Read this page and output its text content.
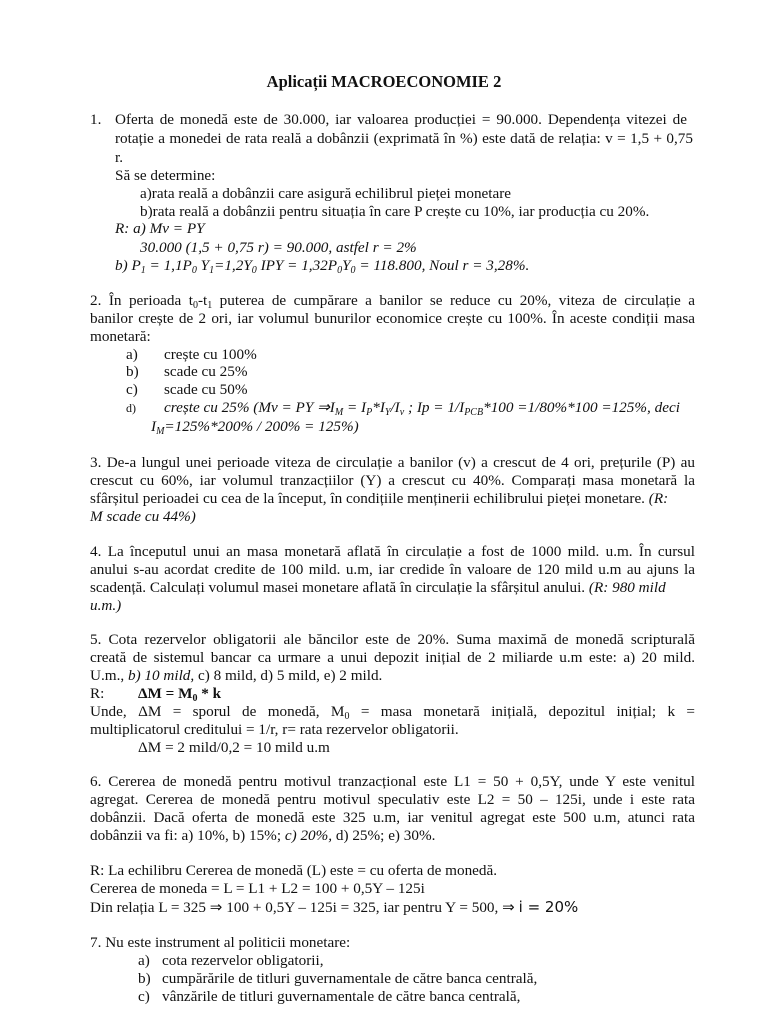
Aplicații MACROECONOMIE 2
1. Oferta de monedă este de 30.000, iar valoarea producției = 90.000. Dependența vitezei de
rotație a monedei de rata reală a dobânzii (exprimată în %) este dată de relația: v = 1,5 + 0,75
r.
Să se determine:
a)rata reală a dobânzii care asigură echilibrul pieței monetare
b)rata reală a dobânzii pentru situația în care P crește cu 10%, iar producția cu 20%.
R: a) Mv = PY
30.000 (1,5 + 0,75 r) = 90.000, astfel r = 2%
b) $P_1 = 1,1P_0$ $Y_1=1,2Y_0$ IPY = $1,32P_0Y_0 = 118.800$, Noul r = 3,28%.
2. În perioada $t_0-t_1$ puterea de cumpărare a banilor se reduce cu 20%, viteza de circulație a
banilor crește de 2 ori, iar volumul bunurilor economice crește cu 100%. În aceste condiții masa
monetară:
a) crește cu 100%
b) scade cu 25%
c) scade cu 50%
d) crește cu 25% (Mv = PY $\Rightarrow I_M = I_P*I_Y/I_v$ ; $Ip = 1/I_{PCB}*100 =1/80\%*100 =125\%$, deci
$I_M=125\%*200\% / 200\% = 125\%$)
3. De-a lungul unei perioade viteza de circulație a banilor (v) a crescut de 4 ori, prețurile (P) au
crescut cu 60%, iar volumul tranzacțiilor (Y) a crescut cu 40%. Comparați masa monetară la
sfârșitul perioadei cu cea de la început, în condițiile menținerii echilibrului pieței monetare. (R:
M scade cu 44%)
4. La începutul unui an masa monetară aflată în circulație a fost de 1000 mild. u.m. În cursul
anului s-au acordat credite de 100 mild. u.m, iar credide în valoare de 120 mild u.m au ajuns la
scadență. Calculați volumul masei monetare aflată în circulație la sfârșitul anului. (R: 980 mild
u.m.)
5. Cota rezervelor obligatorii ale băncilor este de 20%. Suma maximă de monedă scripturală
creată de sistemul bancar ca urmare a unui depozit inițial de 2 miliarde u.m este: a) 20 mild.
U.m., b) 10 mild, c) 8 mild, d) 5 mild, e) 2 mild.
R: $\Delta M = M_0 * k$
Unde, ΔM = sporul de monedă, $M_0$ = masa monetară inițială, depozitul inițial; k =
multiplicatorul creditului = 1/r, r= rata rezervelor obligatorii.
ΔM = 2 mild/0,2 = 10 mild u.m
6. Cererea de monedă pentru motivul tranzacțional este L1 = 50 + 0,5Y, unde Y este venitul
agregat. Cererea de monedă pentru motivul speculativ este L2 = 50 – 125i, unde i este rata
dobânzii. Dacă oferta de monedă este 325 u.m, iar venitul agregat este 500 u.m, atunci rata
dobânzii va fi: a) 10%, b) 15%; c) 20%, d) 25%; e) 30%.
R: La echilibru Cererea de monedă (L) este = cu oferta de monedă.
Cererea de moneda = L = L1 + L2 = 100 + 0,5Y – 125i
Din relația L = 325 ⇒ 100 + 0,5Y – 125i = 325, iar pentru Y = 500, ⇒ i = 20%
7. Nu este instrument al politicii monetare:
a) cota rezervelor obligatorii,
b) cumpărările de titluri guvernamentale de către banca centrală,
c) vânzările de titluri guvernamentale de către banca centrală,
